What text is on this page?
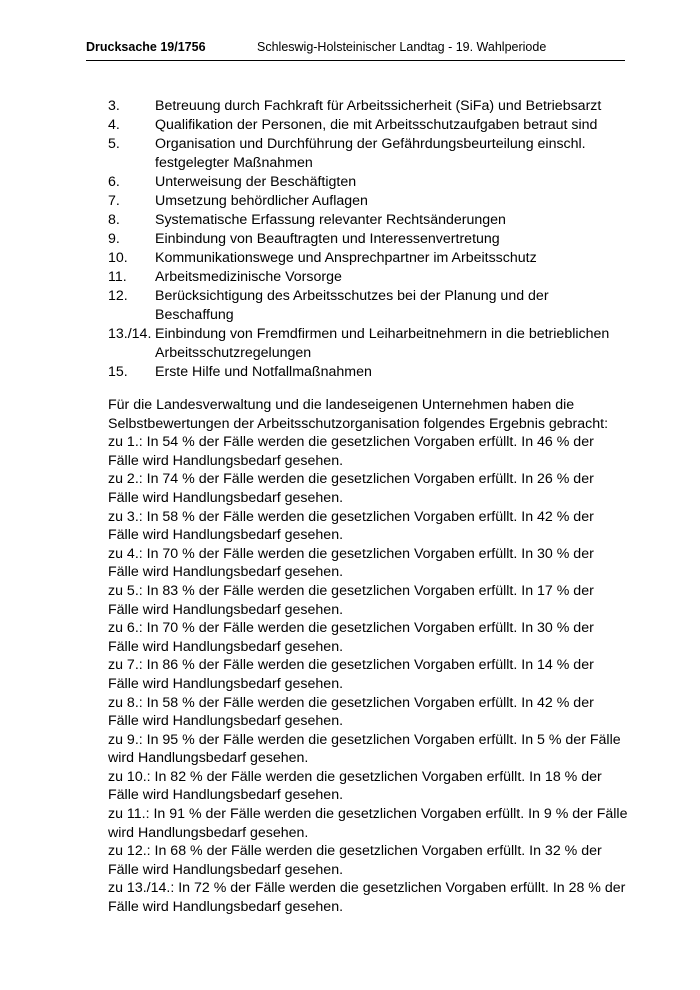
Drucksache 19/1756	Schleswig-Holsteinischer Landtag - 19. Wahlperiode
3. Betreuung durch Fachkraft für Arbeitssicherheit (SiFa) und Betriebsarzt
4. Qualifikation der Personen, die mit Arbeitsschutzaufgaben betraut sind
5. Organisation und Durchführung der Gefährdungsbeurteilung einschl. festgelegter Maßnahmen
6. Unterweisung der Beschäftigten
7. Umsetzung behördlicher Auflagen
8. Systematische Erfassung relevanter Rechtsänderungen
9. Einbindung von Beauftragten und Interessenvertretung
10. Kommunikationswege und Ansprechpartner im Arbeitsschutz
11. Arbeitsmedizinische Vorsorge
12. Berücksichtigung des Arbeitsschutzes bei der Planung und der Beschaffung
13./14. Einbindung von Fremdfirmen und Leiharbeitnehmern in die betrieblichen Arbeitsschutzregelungen
15. Erste Hilfe und Notfallmaßnahmen

Für die Landesverwaltung und die landeseigenen Unternehmen haben die Selbstbewertungen der Arbeitsschutzorganisation folgendes Ergebnis gebracht:

zu 1.: In 54 % der Fälle werden die gesetzlichen Vorgaben erfüllt. In 46 % der Fälle wird Handlungsbedarf gesehen.

zu 2.: In 74 % der Fälle werden die gesetzlichen Vorgaben erfüllt. In 26 % der Fälle wird Handlungsbedarf gesehen.

zu 3.: In 58 % der Fälle werden die gesetzlichen Vorgaben erfüllt. In 42 % der Fälle wird Handlungsbedarf gesehen.

zu 4.: In 70 % der Fälle werden die gesetzlichen Vorgaben erfüllt. In 30 % der Fälle wird Handlungsbedarf gesehen.

zu 5.: In 83 % der Fälle werden die gesetzlichen Vorgaben erfüllt. In 17 % der Fälle wird Handlungsbedarf gesehen.

zu 6.: In 70 % der Fälle werden die gesetzlichen Vorgaben erfüllt. In 30 % der Fälle wird Handlungsbedarf gesehen.

zu 7.: In 86 % der Fälle werden die gesetzlichen Vorgaben erfüllt. In 14 % der Fälle wird Handlungsbedarf gesehen.

zu 8.: In 58 % der Fälle werden die gesetzlichen Vorgaben erfüllt. In 42 % der Fälle wird Handlungsbedarf gesehen.

zu 9.: In 95 % der Fälle werden die gesetzlichen Vorgaben erfüllt. In 5 % der Fälle wird Handlungsbedarf gesehen.

zu 10.: In 82 % der Fälle werden die gesetzlichen Vorgaben erfüllt. In 18 % der Fälle wird Handlungsbedarf gesehen.

zu 11.: In 91 % der Fälle werden die gesetzlichen Vorgaben erfüllt. In 9 % der Fälle wird Handlungsbedarf gesehen.

zu 12.: In 68 % der Fälle werden die gesetzlichen Vorgaben erfüllt. In 32 % der Fälle wird Handlungsbedarf gesehen.

zu 13./14.: In 72 % der Fälle werden die gesetzlichen Vorgaben erfüllt. In 28 % der Fälle wird Handlungsbedarf gesehen.
